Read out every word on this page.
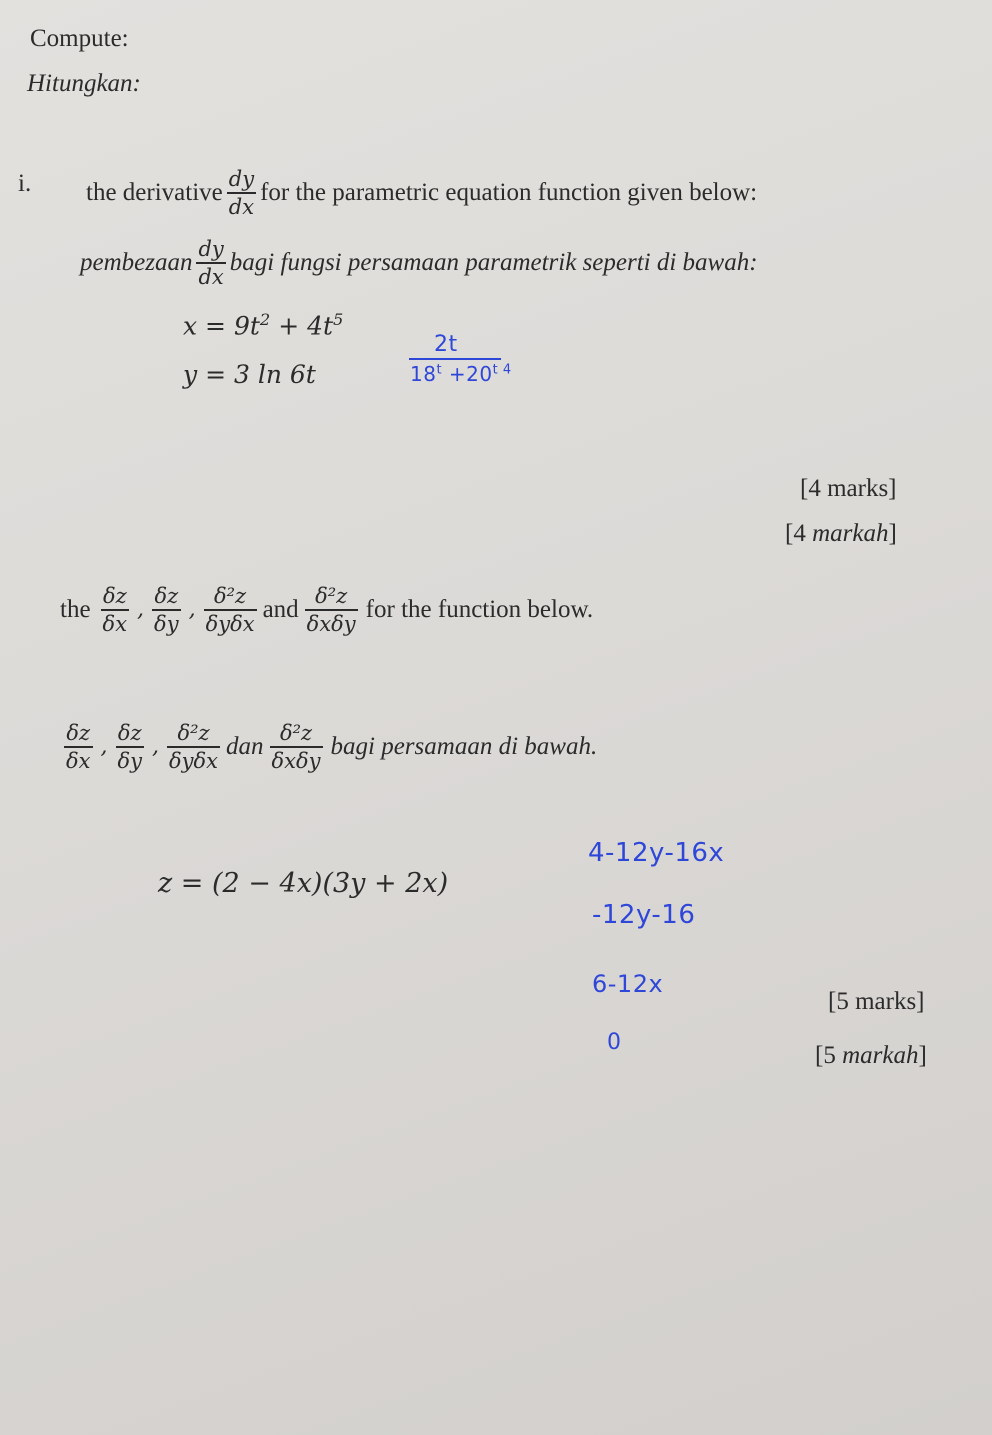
Compute:
Hitungkan:
i. the derivative $\frac{dy}{dx}$ for the parametric equation function given below:
pembezaan $\frac{dy}{dx}$ bagi fungsi persamaan parametrik seperti di bawah:
$x = 9t^2 + 4t^5$
y = 3 ln 6t
2t
$18^t +20^t$ $^4$
[4 marks]
[4 markah]
the $\frac{\delta z}{\delta x}$ , $\frac{\delta z}{\delta y}$ , $\frac{\text{δ²z}}{\text{δyδx}}$ and $\frac{\text{δ²z}}{\text{δxδy}}$ for the function below.
$\frac{\delta z}{\delta x}$ , $\frac{\delta z}{\delta y}$ , $\frac{\text{δ²z}}{\text{δyδx}}$ dan $\frac{\text{δ²z}}{\text{δxδy}}$ bagi persamaan di bawah.
z = (2 − 4x)(3y + 2x)
4-12y-16x
-12y-16
6-12x
0
[5 marks]
[5 markah]
